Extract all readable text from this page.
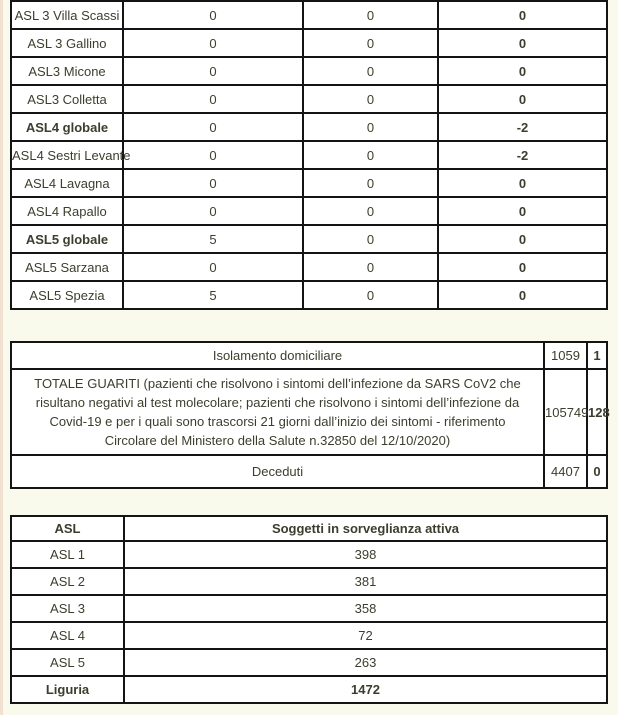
ASL 3 Villa Scassi	0	0	0
ASL 3 Gallino	0	0	0
ASL3 Micone	0	0	0
ASL3 Colletta	0	0	0
ASL4 globale	0	0	-2
ASL4 Sestri Levante	0	0	-2
ASL4 Lavagna	0	0	0
ASL4 Rapallo	0	0	0
ASL5 globale	5	0	0
ASL5 Sarzana	0	0	0
ASL5 Spezia	5	0	0
Isolamento domiciliare	1059	1
TOTALE GUARITI (pazienti che risolvono i sintomi dell’infezione da SARS CoV2 che risultano negativi al test molecolare; pazienti che risolvono i sintomi dell’infezione da Covid-19 e per i quali sono trascorsi 21 giorni dall’inizio dei sintomi - riferimento Circolare del Ministero della Salute n.32850 del 12/10/2020)	105749	128
Deceduti	4407	0
ASL	Soggetti in sorveglianza attiva
ASL 1	398
ASL 2	381
ASL 3	358
ASL 4	72
ASL 5	263
Liguria	1472
